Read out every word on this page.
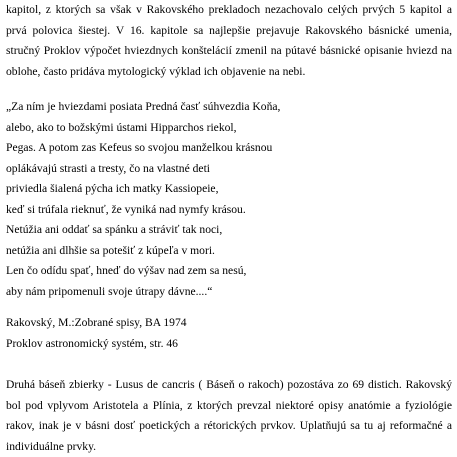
kapitol, z ktorých sa však v Rakovského prekladoch nezachovalo celých prvých 5 kapitol a

prvá polovica šiestej. V 16. kapitole sa najlepšie prejavuje Rakovského básnické umenia,

stručný Proklov výpočet hviezdnych konštelácií zmenil na pútavé básnické opisanie hviezd na

oblohe, často pridáva mytologický výklad ich objavenie na nebi.

„Za ním je hviezdami posiata Predná časť súhvezdia Koňa,

alebo, ako to božskými ústami Hipparchos riekol,

Pegas. A potom zas Kefeus so svojou manželkou krásnou

oplákávajú strasti a tresty, čo na vlastné deti

priviedla šialená pýcha ich matky Kassiopeie,

keď si trúfala rieknuť, že vyniká nad nymfy krásou.

Netúžia ani oddať sa spánku a strávіť tak noci,

netúžia ani dlhšie sa potešiť z kúpeľa v mori.

Len čo odídu spať, hneď do výšav nad zem sa nesú,

aby nám pripomenuli svoje útrapy dávne....“

Rakovský, M.:Zobrané spisy, BA 1974

Proklov astronomický systém, str. 46

Druhá báseň zbierky - Lusus de cancris ( Báseň o rakoch) pozostáva zo 69 distich. Rakovský

bol pod vplyvom Aristotela a Plínia, z ktorých prevzal niektoré opisy anatómie a fyziológie

rakov, inak je v básni dosť poetických a rétorických prvkov. Uplatňujú sa tu aj reformačné a

individuálne prvky.
